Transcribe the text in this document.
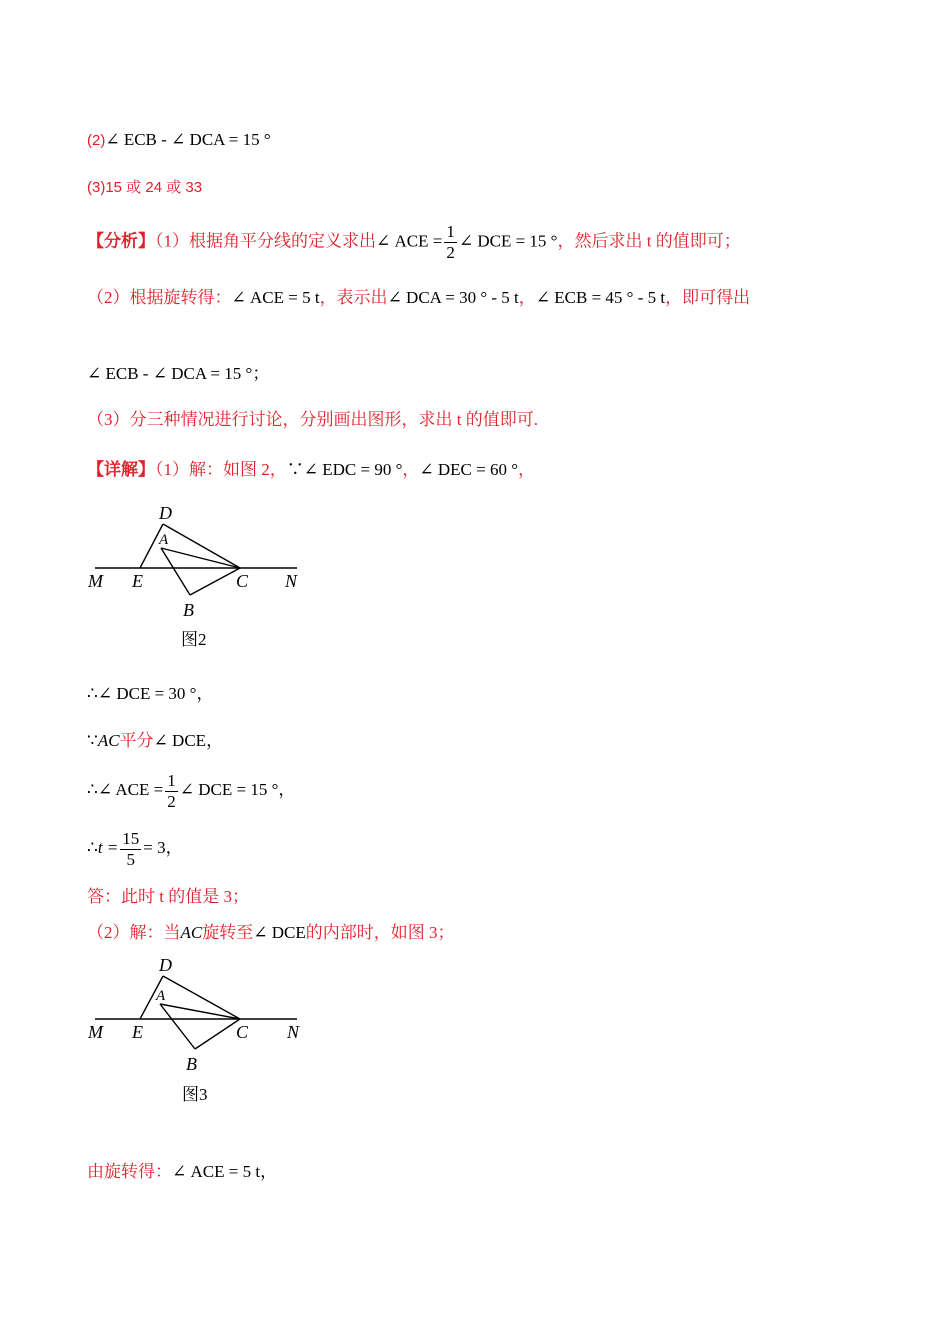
(2)∠ ECB - ∠ DCA = 15 °
(3)15 或 24 或 33
【分析】（1）根据角平分线的定义求出∠ ACE = $\frac{1}{2}$ ∠ DCE = 15 °，然后求出 t 的值即可；
（2）根据旋转得：∠ ACE = 5 t，表示出∠ DCA = 30 ° - 5 t，∠ ECB = 45 ° - 5 t，即可得出
∠ ECB - ∠ DCA = 15 °；
（3）分三种情况进行讨论，分别画出图形，求出 t 的值即可.
【详解】（1）解：如图 2，∵∠ EDC = 90 °，∠ DEC = 60 °，
D
A
M E	C N
B
图2
∴∠ DCE = 30 °，
∵AC平分∠ DCE，
∴∠ ACE = $\frac{1}{2}$ ∠ DCE = 15 °，
∴t = $\frac{15}{5} = 3$，
答：此时 t 的值是 3；
（2）解：当AC旋转至∠ DCE的内部时，如图 3；
D
A
M E	C N
B
图3
由旋转得：∠ ACE = 5 t，
